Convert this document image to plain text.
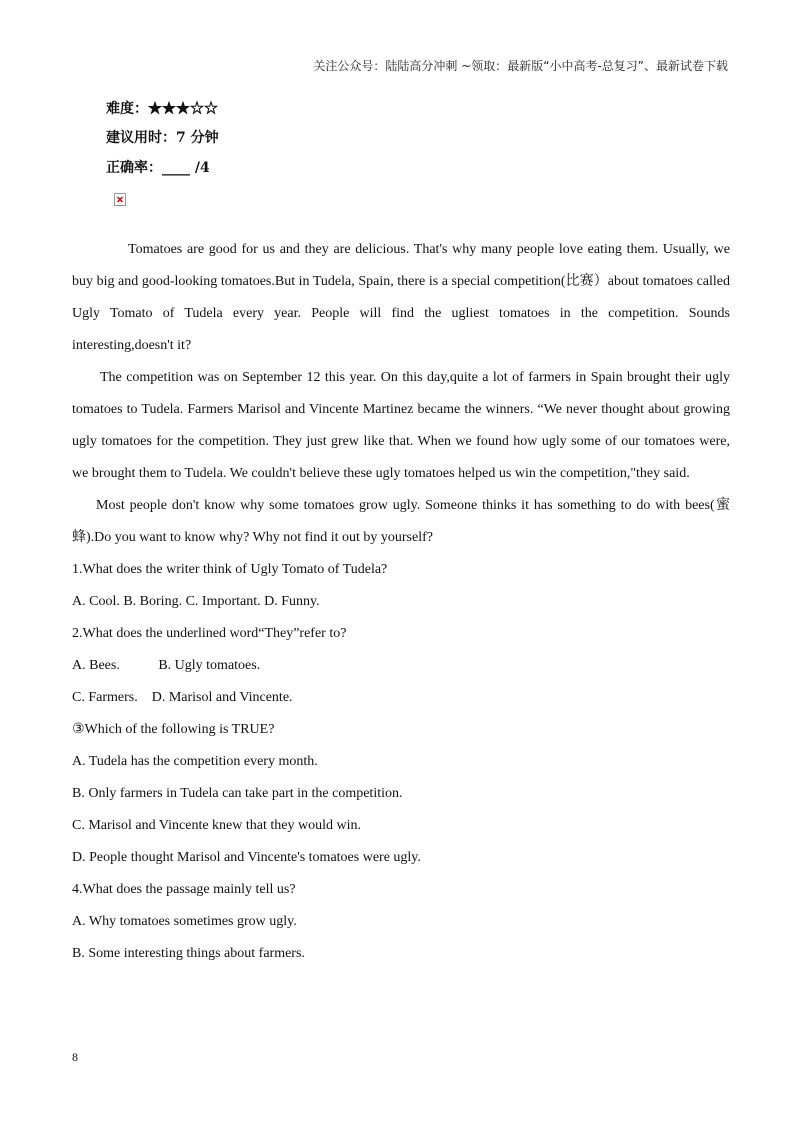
关注公众号：陆陆高分冲刺 ~领取：最新版“小中高考-总复习”、最新试卷下载
难度：★★★☆☆
建议用时：7 分钟
正确率：____ /4

Tomatoes are good for us and they are delicious. That's why many people love eating them. Usually, we buy big and good-looking tomatoes.But in Tudela, Spain, there is a special competition(比赛）about tomatoes called Ugly Tomato of Tudela every year. People will find the ugliest tomatoes in the competition. Sounds interesting,doesn't it?

The competition was on September 12 this year. On this day,quite a lot of farmers in Spain brought their ugly tomatoes to Tudela. Farmers Marisol and Vincente Martinez became the winners. “We never thought about growing ugly tomatoes for the competition. They just grew like that. When we found how ugly some of our tomatoes were, we brought them to Tudela. We couldn't believe these ugly tomatoes helped us win the competition,"they said.

Most people don't know why some tomatoes grow ugly. Someone thinks it has something to do with bees(蜜蜂).Do you want to know why? Why not find it out by yourself?

1.What does the writer think of Ugly Tomato of Tudela?

A. Cool. B. Boring. C. Important. D. Funny.

2.What does the underlined word“They”refer to?

A. Bees.           B. Ugly tomatoes.

C. Farmers.    D. Marisol and Vincente.

③Which of the following is TRUE?

A. Tudela has the competition every month.

B. Only farmers in Tudela can take part in the competition.

C. Marisol and Vincente knew that they would win.

D. People thought Marisol and Vincente's tomatoes were ugly.

4.What does the passage mainly tell us?

A. Why tomatoes sometimes grow ugly.

B. Some interesting things about farmers.

8
